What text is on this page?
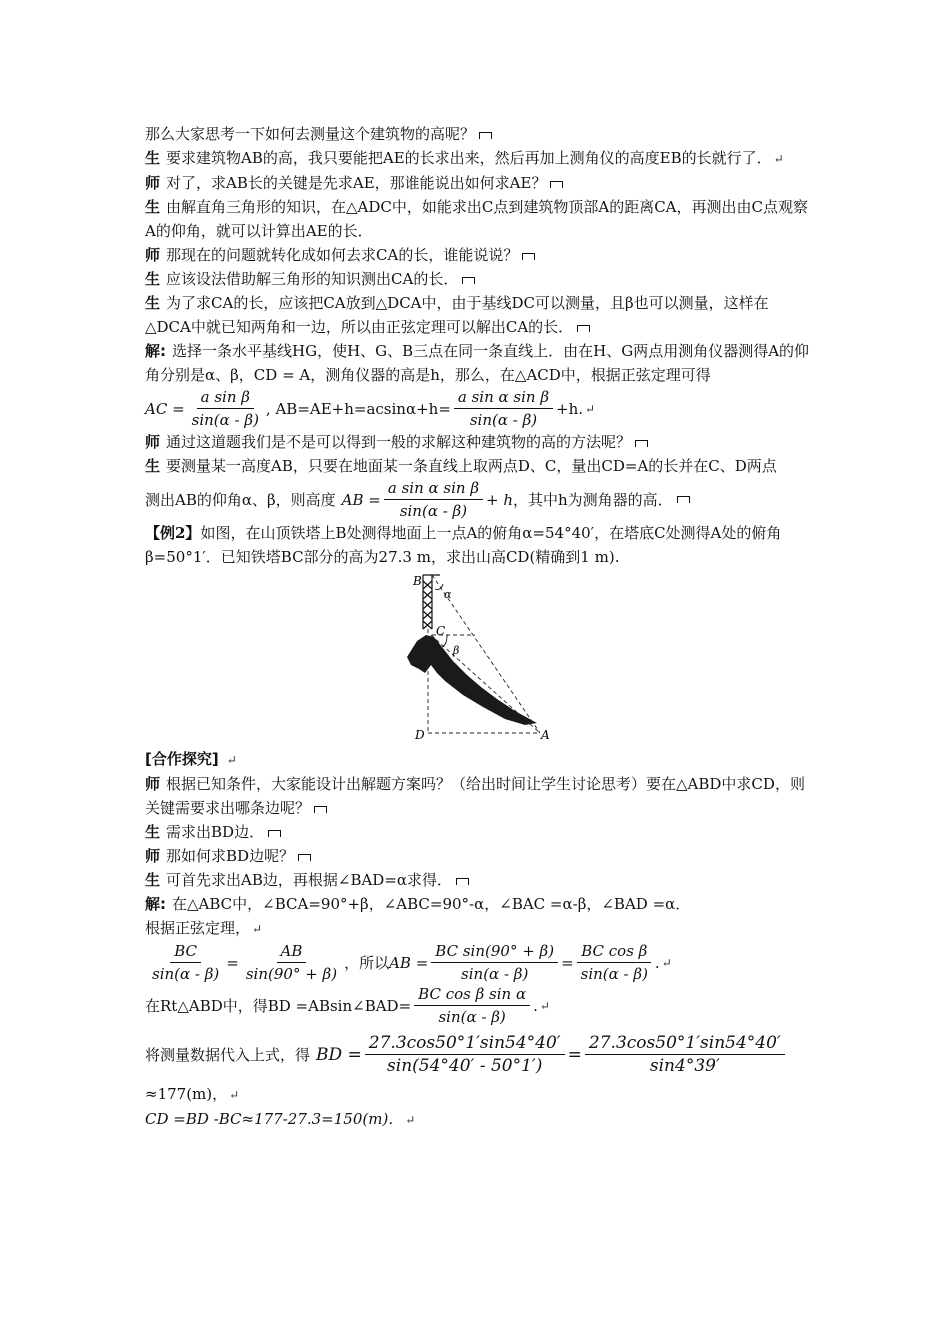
那么大家思考一下如何去测量这个建筑物的高呢？

生 要求建筑物AB的高，我只要能把AE的长求出来，然后再加上测角仪的高度EB的长就行了． ↵

师 对了，求AB长的关键是先求AE，那谁能说出如何求AE？

生 由解直角三角形的知识，在△ADC中，如能求出C点到建筑物顶部A的距离CA，再测出由C点观察A的仰角，就可以计算出AE的长．

师 那现在的问题就转化成如何去求CA的长，谁能说说？

生 应该设法借助解三角形的知识测出CA的长．

生 为了求CA的长，应该把CA放到△DCA中，由于基线DC可以测量，且β也可以测量，这样在△DCA中就已知两角和一边，所以由正弦定理可以解出CA的长．

解: 选择一条水平基线HG，使H、G、B三点在同一条直线上．由在H、G两点用测角仪器测得A的仰角分别是α、β，CD = A，测角仪器的高是h，那么，在△ACD中，根据正弦定理可得

AC = $\frac{\text{a sin β}}{\sin(\alpha - \beta)}$ , $AB=AE+h=acsin\alpha+h= \frac{\text{a sin α sin β}}{\sin(\alpha - \beta)} +h$. ↵

师 通过这道题我们是不是可以得到一般的求解这种建筑物的高的方法呢？

生 要测量某一高度AB，只要在地面某一条直线上取两点D、C，量出CD=A的长并在C、D两点

测出AB的仰角α、β，则高度 AB = $\frac{\text{a sin α sin β}}{\sin(\alpha - \beta)} + h$ ，其中h为测角器的高．

【例2】如图，在山顶铁塔上B处测得地面上一点A的俯角α=54°40′，在塔底C处测得A处的俯角β=50°1′．已知铁塔BC部分的高为27.3 m，求出山高CD(精确到1 m).

B
C
D	A
α
β

[合作探究] ↵

师 根据已知条件，大家能设计出解题方案吗？（给出时间让学生讨论思考）要在△ABD中求CD，则关键需要求出哪条边呢？

生 需求出BD边．

师 那如何求BD边呢？

生 可首先求出AB边，再根据∠BAD=α求得．

解: 在△ABC中，∠BCA=90°+β，∠ABC=90°-α，∠BAC =α-β，∠BAD =α．

根据正弦定理， ↵

$\frac{BC}{\sin(\alpha - \beta)} = \frac{AB}{\sin(90^\circ + \beta)}$ ，所以 AB = $\frac{\text{BC sin(90° + β)}}{\sin(\alpha - \beta)} = \frac{\text{BC cos β}}{\sin(\alpha - \beta)}$ . ↵
在Rt△ABD中，得BD =ABsin∠BAD= $\frac{\text{BC cos β sin α}}{\sin(\alpha - \beta)}$ . ↵
将测量数据代入上式，得 BD = $\frac{27.3\cos 50^\circ 1'\sin 54^\circ 40'}{\sin(54^\circ 40' - 50^\circ 1')} = \frac{27.3\cos 50^\circ 1'\sin 54^\circ 40'}{\sin 4^\circ 39'}$

≈177(m)， ↵

CD =BD -BC≈177-27.3=150(m)． ↵
